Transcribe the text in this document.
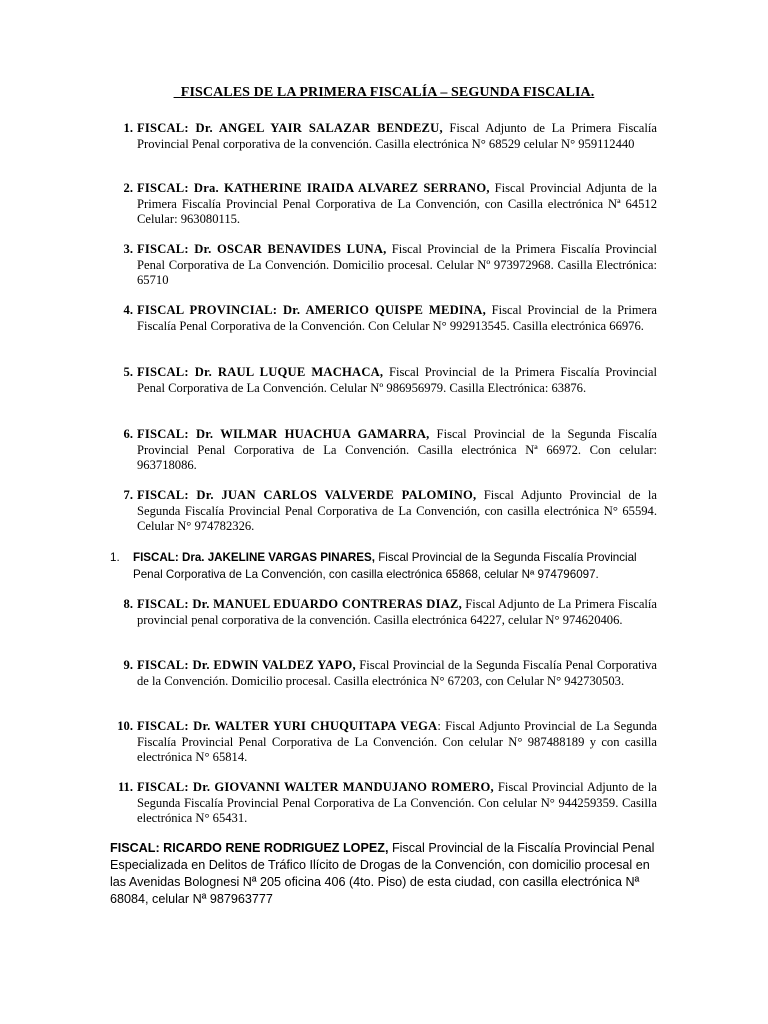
_FISCALES DE LA PRIMERA FISCALÍA – SEGUNDA FISCALIA.
1. FISCAL: Dr. ANGEL YAIR SALAZAR BENDEZU, Fiscal Adjunto de La Primera Fiscalía Provincial Penal corporativa de la convención. Casilla electrónica N° 68529 celular N° 959112440
2. FISCAL: Dra. KATHERINE IRAIDA ALVAREZ SERRANO, Fiscal Provincial Adjunta de la Primera Fiscalía Provincial Penal Corporativa de La Convención, con Casilla electrónica Nª 64512 Celular: 963080115.
3. FISCAL: Dr. OSCAR BENAVIDES LUNA, Fiscal Provincial de la Primera Fiscalía Provincial Penal Corporativa de La Convención. Domicilio procesal. Celular Nº 973972968. Casilla Electrónica: 65710
4. FISCAL PROVINCIAL: Dr. AMERICO QUISPE MEDINA, Fiscal Provincial de la Primera Fiscalía Penal Corporativa de la Convención. Con Celular N° 992913545. Casilla electrónica 66976.
5. FISCAL: Dr. RAUL LUQUE MACHACA, Fiscal Provincial de la Primera Fiscalía Provincial Penal Corporativa de La Convención. Celular Nº 986956979. Casilla Electrónica: 63876.
6. FISCAL: Dr. WILMAR HUACHUA GAMARRA, Fiscal Provincial de la Segunda Fiscalía Provincial Penal Corporativa de La Convención. Casilla electrónica Nª 66972. Con celular: 963718086.
7. FISCAL: Dr. JUAN CARLOS VALVERDE PALOMINO, Fiscal Adjunto Provincial de la Segunda Fiscalía Provincial Penal Corporativa de La Convención, con casilla electrónica N° 65594. Celular N° 974782326.
1. FISCAL: Dra. JAKELINE VARGAS PINARES, Fiscal Provincial de la Segunda Fiscalía Provincial
Penal Corporativa de La Convención, con casilla electrónica 65868, celular Nª 974796097.
8. FISCAL: Dr. MANUEL EDUARDO CONTRERAS DIAZ, Fiscal Adjunto de La Primera Fiscalía provincial penal corporativa de la convención. Casilla electrónica 64227, celular N° 974620406.
9. FISCAL: Dr. EDWIN VALDEZ YAPO, Fiscal Provincial de la Segunda Fiscalía Penal Corporativa de la Convención. Domicilio procesal. Casilla electrónica N° 67203, con Celular N° 942730503.
10. FISCAL: Dr. WALTER YURI CHUQUITAPA VEGA: Fiscal Adjunto Provincial de La Segunda Fiscalía Provincial Penal Corporativa de La Convención. Con celular N° 987488189 y con casilla electrónica N° 65814.
11. FISCAL: Dr. GIOVANNI WALTER MANDUJANO ROMERO, Fiscal Provincial Adjunto de la Segunda Fiscalía Provincial Penal Corporativa de La Convención. Con celular N° 944259359. Casilla electrónica N° 65431.
FISCAL: RICARDO RENE RODRIGUEZ LOPEZ, Fiscal Provincial de la Fiscalía Provincial Penal Especializada en Delitos de Tráfico Ilícito de Drogas de la Convención, con domicilio procesal en las Avenidas Bolognesi Nª 205 oficina 406 (4to. Piso) de esta ciudad, con casilla electrónica Nª 68084, celular Nª 987963777
